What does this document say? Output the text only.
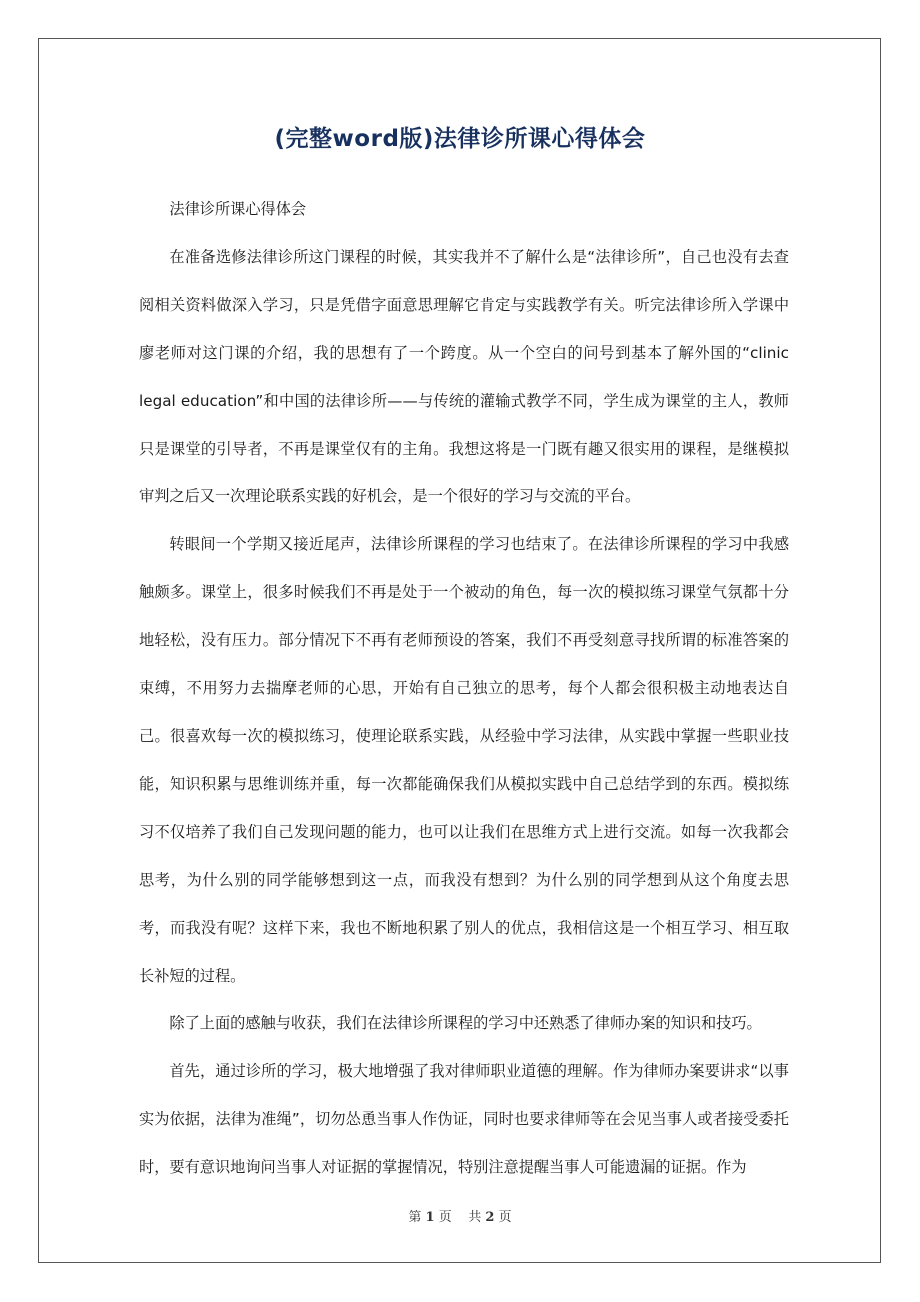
(完整word版)法律诊所课心得体会

法律诊所课心得体会

在准备选修法律诊所这门课程的时候，其实我并不了解什么是“法律诊所”，自己也没有去查阅相关资料做深入学习，只是凭借字面意思理解它肯定与实践教学有关。听完法律诊所入学课中廖老师对这门课的介绍，我的思想有了一个跨度。从一个空白的问号到基本了解外国的“clinic legal education”和中国的法律诊所——与传统的灌输式教学不同，学生成为课堂的主人，教师只是课堂的引导者，不再是课堂仅有的主角。我想这将是一门既有趣又很实用的课程，是继模拟审判之后又一次理论联系实践的好机会，是一个很好的学习与交流的平台。

转眼间一个学期又接近尾声，法律诊所课程的学习也结束了。在法律诊所课程的学习中我感触颇多。课堂上，很多时候我们不再是处于一个被动的角色，每一次的模拟练习课堂气氛都十分地轻松，没有压力。部分情况下不再有老师预设的答案，我们不再受刻意寻找所谓的标准答案的束缚，不用努力去揣摩老师的心思，开始有自己独立的思考，每个人都会很积极主动地表达自己。很喜欢每一次的模拟练习，使理论联系实践，从经验中学习法律，从实践中掌握一些职业技能，知识积累与思维训练并重，每一次都能确保我们从模拟实践中自己总结学到的东西。模拟练习不仅培养了我们自己发现问题的能力，也可以让我们在思维方式上进行交流。如每一次我都会思考，为什么别的同学能够想到这一点，而我没有想到？为什么别的同学想到从这个角度去思考，而我没有呢？这样下来，我也不断地积累了别人的优点，我相信这是一个相互学习、相互取长补短的过程。

除了上面的感触与收获，我们在法律诊所课程的学习中还熟悉了律师办案的知识和技巧。

首先，通过诊所的学习，极大地增强了我对律师职业道德的理解。作为律师办案要讲求“以事实为依据，法律为准绳”，切勿怂恿当事人作伪证，同时也要求律师等在会见当事人或者接受委托时，要有意识地询问当事人对证据的掌握情况，特别注意提醒当事人可能遗漏的证据。作为

第 1 页 共 2 页
